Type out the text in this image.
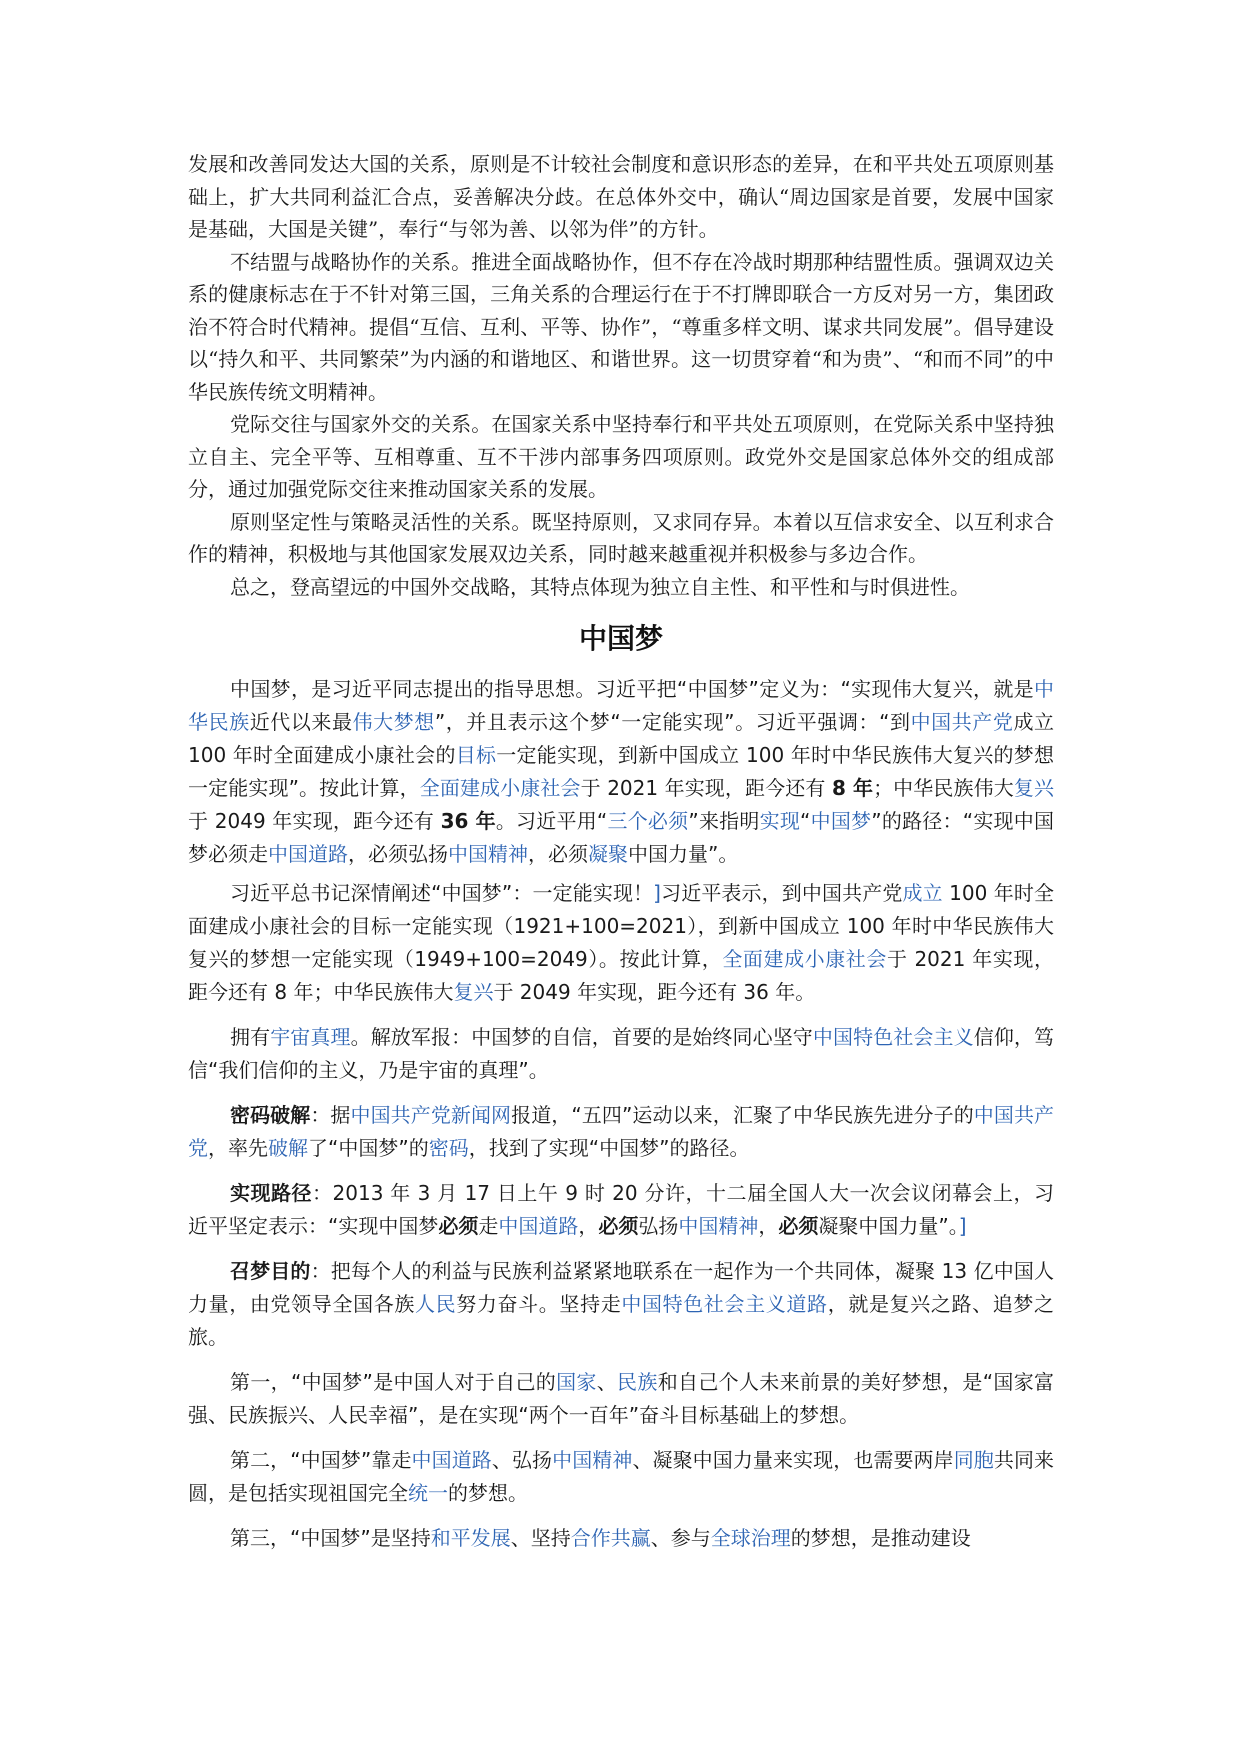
发展和改善同发达大国的关系，原则是不计较社会制度和意识形态的差异，在和平共处五项原则基础上，扩大共同利益汇合点，妥善解决分歧。在总体外交中，确认“周边国家是首要，发展中国家是基础，大国是关键”，奉行“与邻为善、以邻为伴”的方针。

不结盟与战略协作的关系。推进全面战略协作，但不存在冷战时期那种结盟性质。强调双边关系的健康标志在于不针对第三国，三角关系的合理运行在于不打牌即联合一方反对另一方，集团政治不符合时代精神。提倡“互信、互利、平等、协作”，“尊重多样文明、谋求共同发展”。倡导建设以“持久和平、共同繁荣”为内涵的和谐地区、和谐世界。这一切贯穿着“和为贵”、“和而不同”的中华民族传统文明精神。

党际交往与国家外交的关系。在国家关系中坚持奉行和平共处五项原则，在党际关系中坚持独立自主、完全平等、互相尊重、互不干涉内部事务四项原则。政党外交是国家总体外交的组成部分，通过加强党际交往来推动国家关系的发展。

原则坚定性与策略灵活性的关系。既坚持原则，又求同存异。本着以互信求安全、以互利求合作的精神，积极地与其他国家发展双边关系，同时越来越重视并积极参与多边合作。

总之，登高望远的中国外交战略，其特点体现为独立自主性、和平性和与时俱进性。

中国梦

中国梦，是习近平同志提出的指导思想。习近平把“中国梦”定义为：“实现伟大复兴，就是中华民族近代以来最伟大梦想”，并且表示这个梦“一定能实现”。习近平强调：“到中国共产党成立 100 年时全面建成小康社会的目标一定能实现，到新中国成立 100 年时中华民族伟大复兴的梦想一定能实现”。按此计算，全面建成小康社会于 2021 年实现，距今还有 8 年；中华民族伟大复兴于 2049 年实现，距今还有 36 年。习近平用“三个必须”来指明实现“中国梦”的路径：“实现中国梦必须走中国道路，必须弘扬中国精神，必须凝聚中国力量”。

习近平总书记深情阐述“中国梦”：一定能实现！]习近平表示，到中国共产党成立 100 年时全面建成小康社会的目标一定能实现（1921+100=2021），到新中国成立 100 年时中华民族伟大复兴的梦想一定能实现（1949+100=2049）。按此计算，全面建成小康社会于 2021 年实现，距今还有 8 年；中华民族伟大复兴于 2049 年实现，距今还有 36 年。

拥有宇宙真理。解放军报：中国梦的自信，首要的是始终同心坚守中国特色社会主义信仰，笃信“我们信仰的主义，乃是宇宙的真理”。

密码破解：据中国共产党新闻网报道，“五四”运动以来，汇聚了中华民族先进分子的中国共产党，率先破解了“中国梦”的密码，找到了实现“中国梦”的路径。

实现路径：2013 年 3 月 17 日上午 9 时 20 分许，十二届全国人大一次会议闭幕会上，习近平坚定表示：“实现中国梦必须走中国道路，必须弘扬中国精神，必须凝聚中国力量”。]

召梦目的：把每个人的利益与民族利益紧紧地联系在一起作为一个共同体，凝聚 13 亿中国人力量，由党领导全国各族人民努力奋斗。坚持走中国特色社会主义道路，就是复兴之路、追梦之旅。

第一，“中国梦”是中国人对于自己的国家、民族和自己个人未来前景的美好梦想，是“国家富强、民族振兴、人民幸福”，是在实现“两个一百年”奋斗目标基础上的梦想。

第二，“中国梦”靠走中国道路、弘扬中国精神、凝聚中国力量来实现，也需要两岸同胞共同来圆，是包括实现祖国完全统一的梦想。

第三，“中国梦”是坚持和平发展、坚持合作共赢、参与全球治理的梦想，是推动建设
